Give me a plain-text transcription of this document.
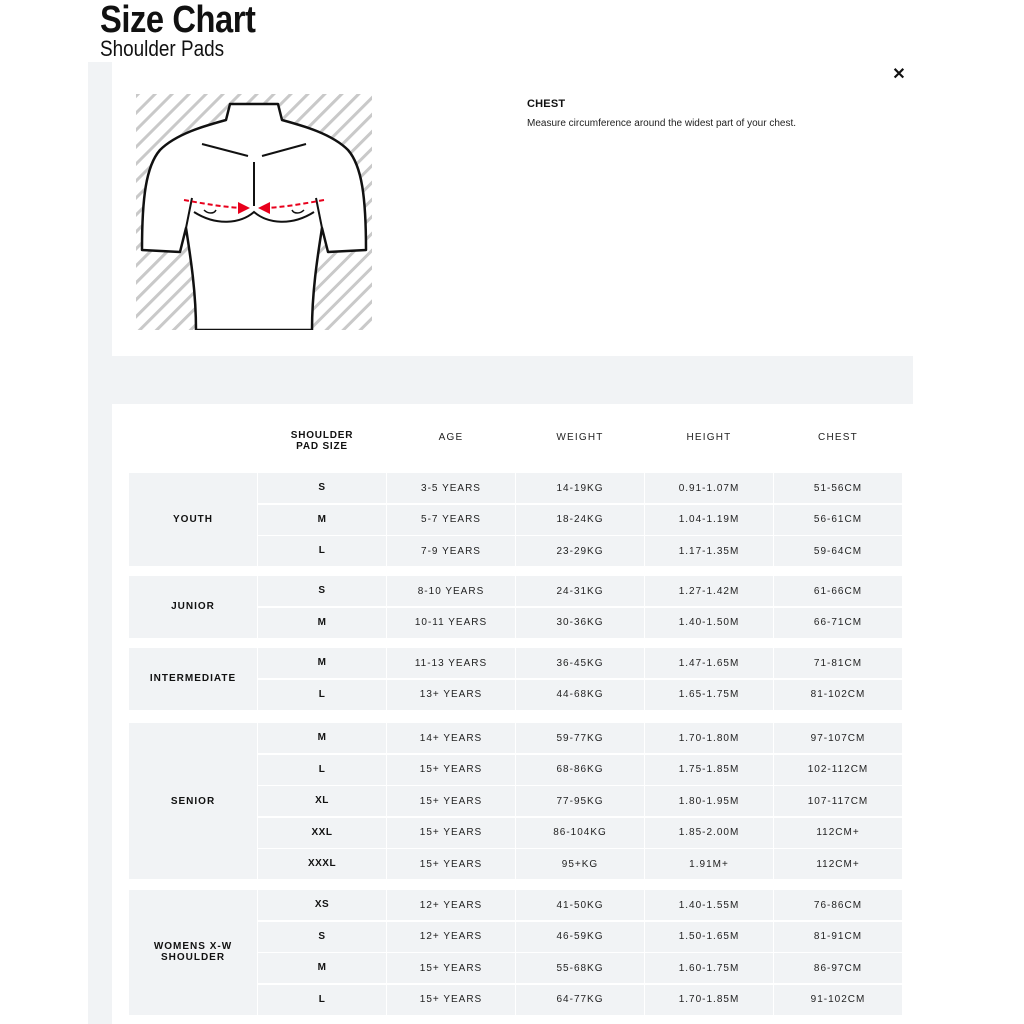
Size Chart
Shoulder Pads
✕
CHEST
Measure circumference around the widest part of your chest.
SHOULDER PAD SIZE
AGE	WEIGHT	HEIGHT	CHEST
YOUTH
S	3-5 YEARS	14-19KG	0.91-1.07M	51-56CM
M	5-7 YEARS	18-24KG	1.04-1.19M	56-61CM
L	7-9 YEARS	23-29KG	1.17-1.35M	59-64CM
JUNIOR
S	8-10 YEARS	24-31KG	1.27-1.42M	61-66CM
M	10-11 YEARS	30-36KG	1.40-1.50M	66-71CM
INTERMEDIATE
M	11-13 YEARS	36-45KG	1.47-1.65M	71-81CM
L	13+ YEARS	44-68KG	1.65-1.75M	81-102CM
SENIOR
M	14+ YEARS	59-77KG	1.70-1.80M	97-107CM
L	15+ YEARS	68-86KG	1.75-1.85M	102-112CM
XL	15+ YEARS	77-95KG	1.80-1.95M	107-117CM
XXL	15+ YEARS	86-104KG	1.85-2.00M	112CM+
XXXL	15+ YEARS	95+KG	1.91M+	112CM+
WOMENS X-W SHOULDER
XS	12+ YEARS	41-50KG	1.40-1.55M	76-86CM
S	12+ YEARS	46-59KG	1.50-1.65M	81-91CM
M	15+ YEARS	55-68KG	1.60-1.75M	86-97CM
L	15+ YEARS	64-77KG	1.70-1.85M	91-102CM
